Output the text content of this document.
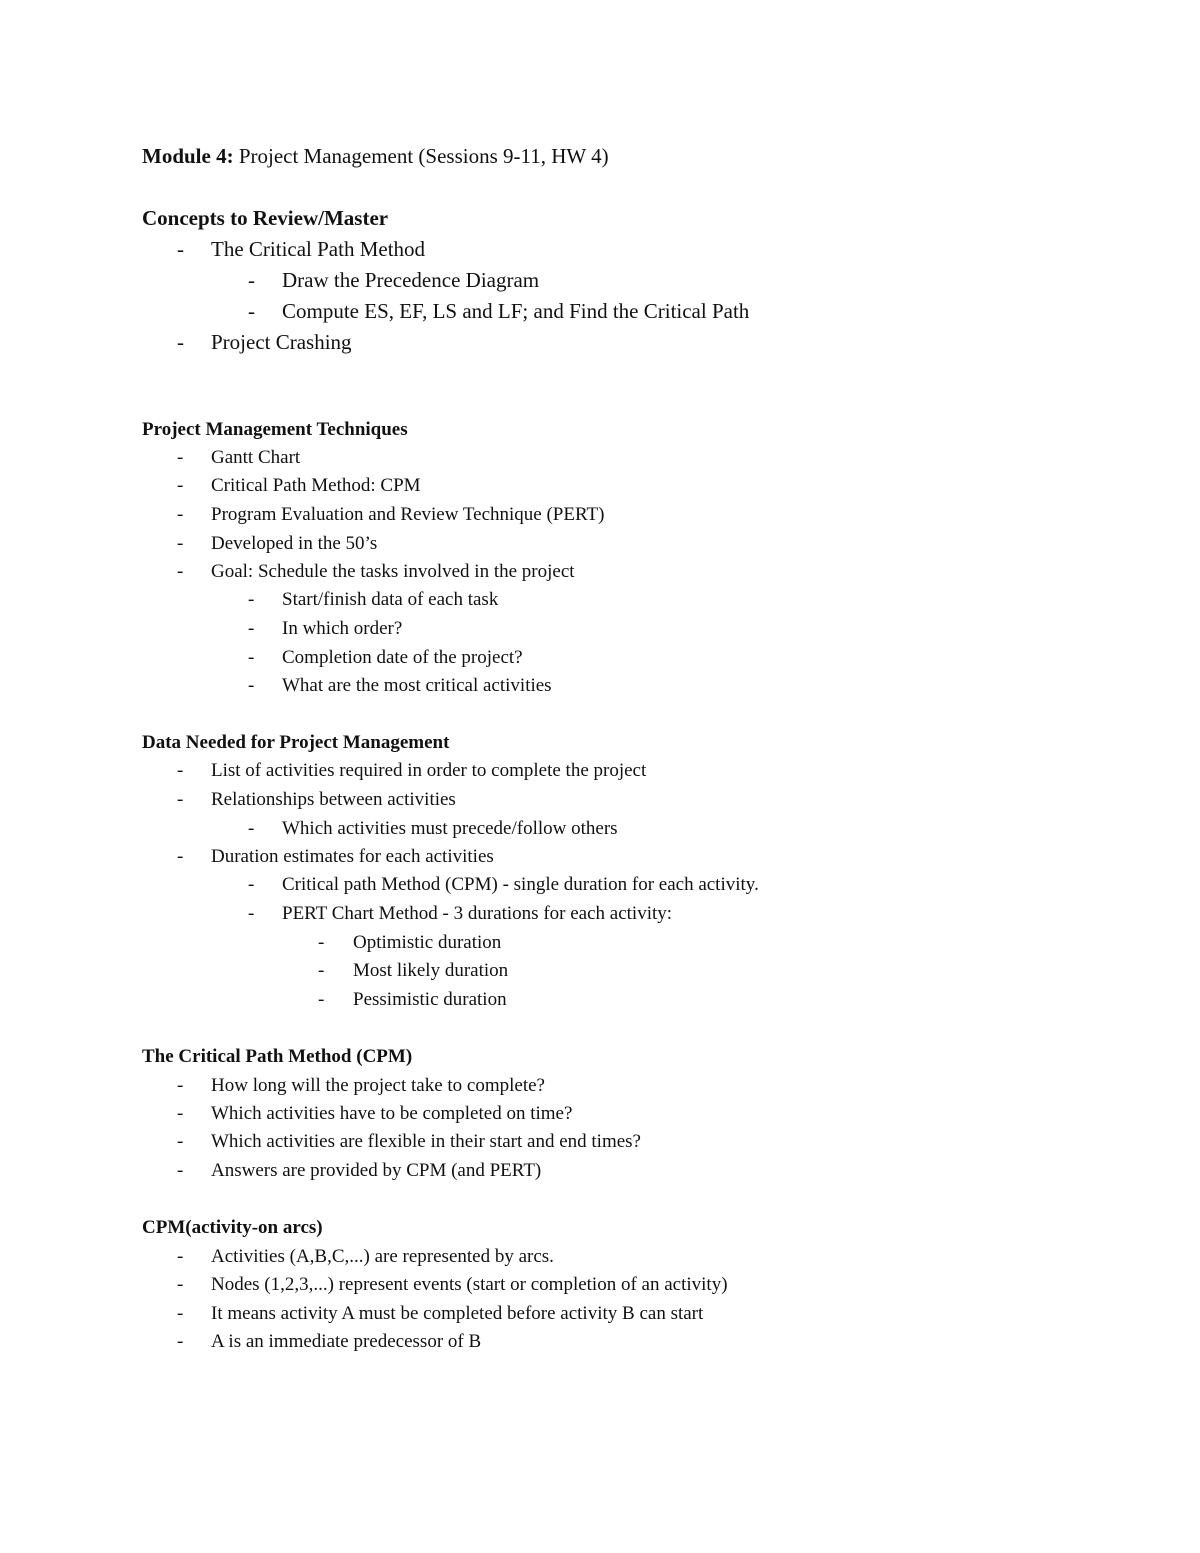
Module 4: Project Management (Sessions 9-11, HW 4)
Concepts to Review/Master
- The Critical Path Method
- Draw the Precedence Diagram
- Compute ES, EF, LS and LF; and Find the Critical Path
- Project Crashing
Project Management Techniques
- Gantt Chart
- Critical Path Method: CPM
- Program Evaluation and Review Technique (PERT)
- Developed in the 50’s
- Goal: Schedule the tasks involved in the project
- Start/finish data of each task
- In which order?
- Completion date of the project?
- What are the most critical activities
Data Needed for Project Management
- List of activities required in order to complete the project
- Relationships between activities
- Which activities must precede/follow others
- Duration estimates for each activities
- Critical path Method (CPM) - single duration for each activity.
- PERT Chart Method - 3 durations for each activity:
- Optimistic duration
- Most likely duration
- Pessimistic duration
The Critical Path Method (CPM)
- How long will the project take to complete?
- Which activities have to be completed on time?
- Which activities are flexible in their start and end times?
- Answers are provided by CPM (and PERT)
CPM(activity-on arcs)
- Activities (A,B,C,...) are represented by arcs.
- Nodes (1,2,3,...) represent events (start or completion of an activity)
- It means activity A must be completed before activity B can start
- A is an immediate predecessor of B
